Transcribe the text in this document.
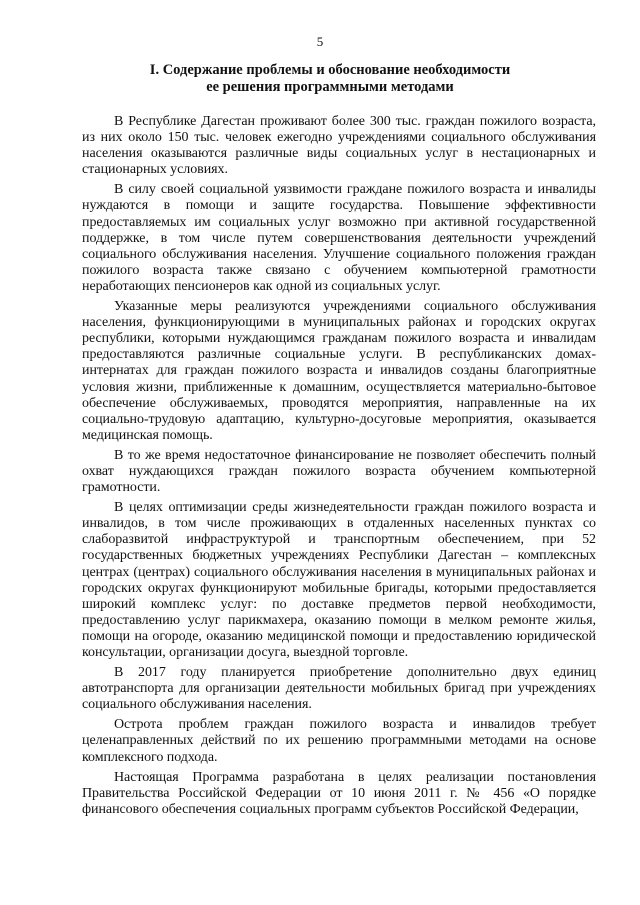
5
I. Содержание проблемы и обоснование необходимости
ее решения программными методами

В Республике Дагестан проживают более 300 тыс. граждан пожилого возраста, из них около 150 тыс. человек ежегодно учреждениями социального обслуживания населения оказываются различные виды социальных услуг в нестационарных и стационарных условиях.

В силу своей социальной уязвимости граждане пожилого возраста и инвалиды нуждаются в помощи и защите государства. Повышение эффективности предоставляемых им социальных услуг возможно при активной государственной поддержке, в том числе путем совершенствования деятельности учреждений социального обслуживания населения. Улучшение социального положения граждан пожилого возраста также связано с обучением компьютерной грамотности неработающих пенсионеров как одной из социальных услуг.

Указанные меры реализуются учреждениями социального обслуживания населения, функционирующими в муниципальных районах и городских округах республики, которыми нуждающимся гражданам пожилого возраста и инвалидам предоставляются различные социальные услуги. В республиканских домах-интернатах для граждан пожилого возраста и инвалидов созданы благоприятные условия жизни, приближенные к домашним, осуществляется материально-бытовое обеспечение обслуживаемых, проводятся мероприятия, направленные на их социально-трудовую адаптацию, культурно-досуговые мероприятия, оказывается медицинская помощь.

В то же время недостаточное финансирование не позволяет обеспечить полный охват нуждающихся граждан пожилого возраста обучением компьютерной грамотности.

В целях оптимизации среды жизнедеятельности граждан пожилого возраста и инвалидов, в том числе проживающих в отдаленных населенных пунктах со слаборазвитой инфраструктурой и транспортным обеспечением, при 52 государственных бюджетных учреждениях Республики Дагестан – комплексных центрах (центрах) социального обслуживания населения в муниципальных районах и городских округах функционируют мобильные бригады, которыми предоставляется широкий комплекс услуг: по доставке предметов первой необходимости, предоставлению услуг парикмахера, оказанию помощи в мелком ремонте жилья, помощи на огороде, оказанию медицинской помощи и предоставлению юридической консультации, организации досуга, выездной торговле.

В 2017 году планируется приобретение дополнительно двух единиц автотранспорта для организации деятельности мобильных бригад при учреждениях социального обслуживания населения.

Острота проблем граждан пожилого возраста и инвалидов требует целенаправленных действий по их решению программными методами на основе комплексного подхода.

Настоящая Программа разработана в целях реализации постановления Правительства Российской Федерации от 10 июня 2011 г. № 456 «О порядке финансового обеспечения социальных программ субъектов Российской Федерации,
